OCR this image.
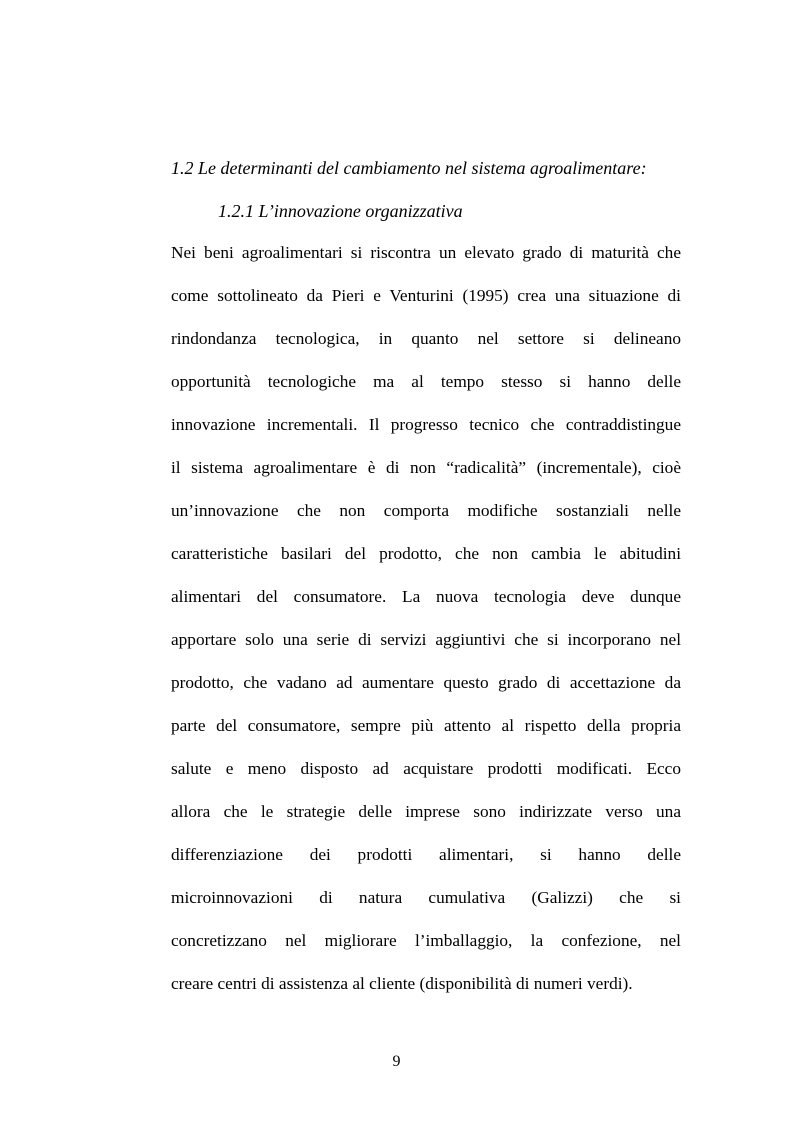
1.2 Le determinanti del cambiamento nel sistema agroalimentare:
1.2.1 L’innovazione organizzativa
Nei beni agroalimentari si riscontra un elevato grado di maturità che
come sottolineato da Pieri e Venturini (1995) crea una situazione di
rindondanza tecnologica, in quanto nel settore si delineano
opportunità tecnologiche ma al tempo stesso si hanno delle
innovazione incrementali. Il progresso tecnico che contraddistingue
il sistema agroalimentare è di non “radicalità” (incrementale), cioè
un’innovazione che non comporta modifiche sostanziali nelle
caratteristiche basilari del prodotto, che non cambia le abitudini
alimentari del consumatore. La nuova tecnologia deve dunque
apportare solo una serie di servizi aggiuntivi che si incorporano nel
prodotto, che vadano ad aumentare questo grado di accettazione da
parte del consumatore, sempre più attento al rispetto della propria
salute e meno disposto ad acquistare prodotti modificati. Ecco
allora che le strategie delle imprese sono indirizzate verso una
differenziazione dei prodotti alimentari, si hanno delle
microinnovazioni di natura cumulativa (Galizzi) che si
concretizzano nel migliorare l’imballaggio, la confezione, nel
creare centri di assistenza al cliente (disponibilità di numeri verdi).
9
